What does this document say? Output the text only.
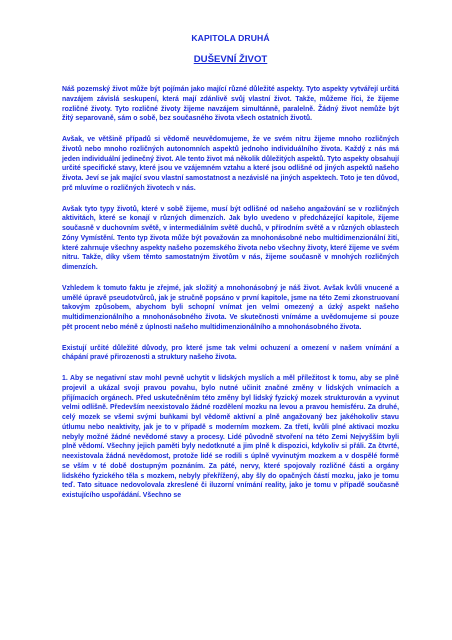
KAPITOLA DRUHÁ
DUŠEVNÍ ŽIVOT

Náš pozemský život může být pojímán jako mající různé důležité aspekty. Tyto aspekty vytvářejí určitá navzájem závislá seskupení, která mají zdánlivě svůj vlastní život. Takže, můžeme říci, že žijeme rozličné životy. Tyto rozličné životy žijeme navzájem simultánně, paralelně. Žádný život nemůže být žitý separovaně, sám o sobě, bez současného života všech ostatních životů.

Avšak, ve většině případů si vědomě neuvědomujeme, že ve svém nitru žijeme mnoho rozličných životů nebo mnoho rozličných autonomních aspektů jednoho individuálního života. Každý z nás má jeden individuální jedinečný život. Ale tento život má několik důležitých aspektů. Tyto aspekty obsahují určité specifické stavy, které jsou ve vzájemném vztahu a které jsou odlišné od jiných aspektů našeho života. Jeví se jak mající svou vlastní samostatnost a nezávislé na jiných aspektech. Toto je ten důvod, prč mluvíme o rozličných životech v nás.

Avšak tyto typy životů, které v sobě žijeme, musí být odlišné od našeho angažování se v rozličných aktivitách, které se konají v různých dimenzích. Jak bylo uvedeno v předcházející kapitole, žijeme současně v duchovním světě, v intermediálním světě duchů, v přírodním světě a v různých oblastech Zóny Vymístění. Tento typ života může být považován za mnohonásobné nebo multidimenzionální žití, které zahrnuje všechny aspekty našeho pozemského života nebo všechny životy, které žijeme ve svém nitru. Takže, díky všem těmto samostatným životům v nás, žijeme současně v mnohých rozličných dimenzích.

Vzhledem k tomuto faktu je zřejmé, jak složitý a mnohonásobný je náš život. Avšak kvůli vnucené a umělé úpravě pseudotvůrců, jak je stručně popsáno v první kapitole, jsme na této Zemi zkonstruovaní takovým způsobem, abychom byli schopní vnímat jen velmi omezený a úzký aspekt našeho multidimenzionálního a mnohonásobného života. Ve skutečnosti vnímáme a uvědomujeme si pouze pět procent nebo méně z úplnosti našeho multidimenzionálního a mnohonásobného života.

Existují určité důležité důvody, pro které jsme tak velmi ochuzení a omezení v našem vnímání a chápání pravé přirozenosti a struktury našeho života.

1. Aby se negativní stav mohl pevně uchytit v lidských myslích a měl příležitost k tomu, aby se plně projevil a ukázal svoji pravou povahu, bylo nutné učinit značné změny v lidských vnímacích a přijímacích orgánech. Před uskutečněním této změny byl lidský fyzický mozek strukturován a vyvinut velmi odlišně. Především neexistovalo žádné rozdělení mozku na levou a pravou hemisféru. Za druhé, celý mozek se všemi svými buňkami byl vědomě aktivní a plně angažovaný bez jakéhokoliv stavu útlumu nebo neaktivity, jak je to v případě s moderním mozkem. Za třetí, kvůli plné aktivaci mozku nebyly možné žádné nevědomé stavy a procesy. Lidé původně stvoření na této Zemi Nejvyšším byli plně vědomí. Všechny jejich paměti byly nedotknuté a jim plně k dispozici, kdykoliv si přáli. Za čtvrté, neexistovala žádná nevědomost, protože lidé se rodili s úplně vyvinutým mozkem a v dospělé formě se vším v té době dostupným poznáním. Za páté, nervy, které spojovaly rozličné části a orgány lidského fyzického těla s mozkem, nebyly překřížený, aby šly do opačných částí mozku, jako je tomu teď. Tato situace nedovolovala zkreslené či iluzorní vnímání reality, jako je tomu v případě současně existujícího uspořádání. Všechno se
